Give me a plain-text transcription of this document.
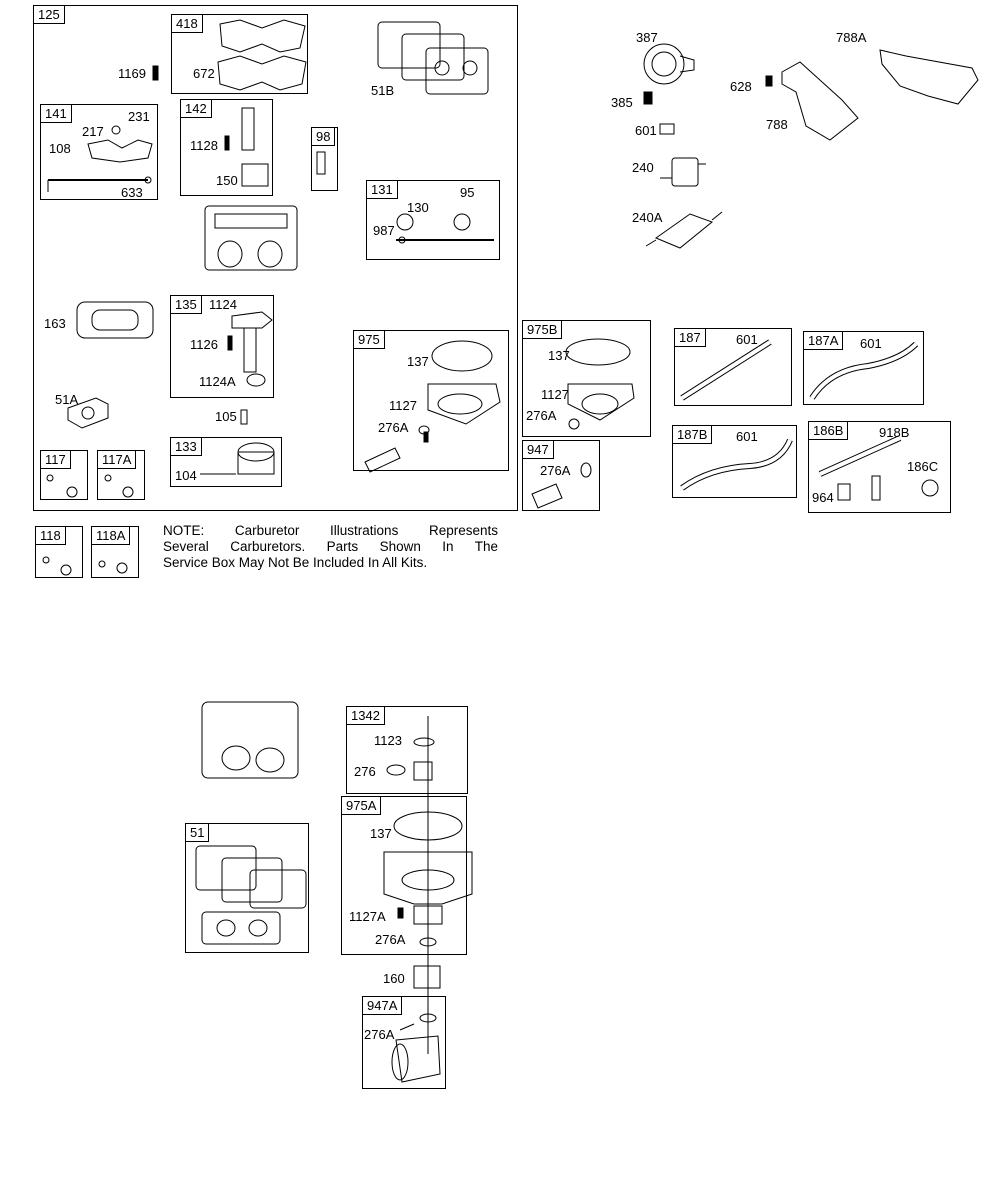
125
418
141	142
98
131
135
975
133
117	117A
118	118A
975B
947
187	187A
187B	186B
1342
975A
51
947A
1169	672
51B
231
217
108
633
1128
150
130
95
987
163
1124
1126
1124A
51A
105
104
137
1127
276A
137
1127
276A
276A
387
385
601
240
240A
628
788
788A
601	601
601	918B
186C
964
1123
276
137
1127A
276A
160
276A
NOTE: Carburetor Illustrations Represents
Several Carburetors. Parts Shown In The
Service Box May Not Be Included In All Kits.
